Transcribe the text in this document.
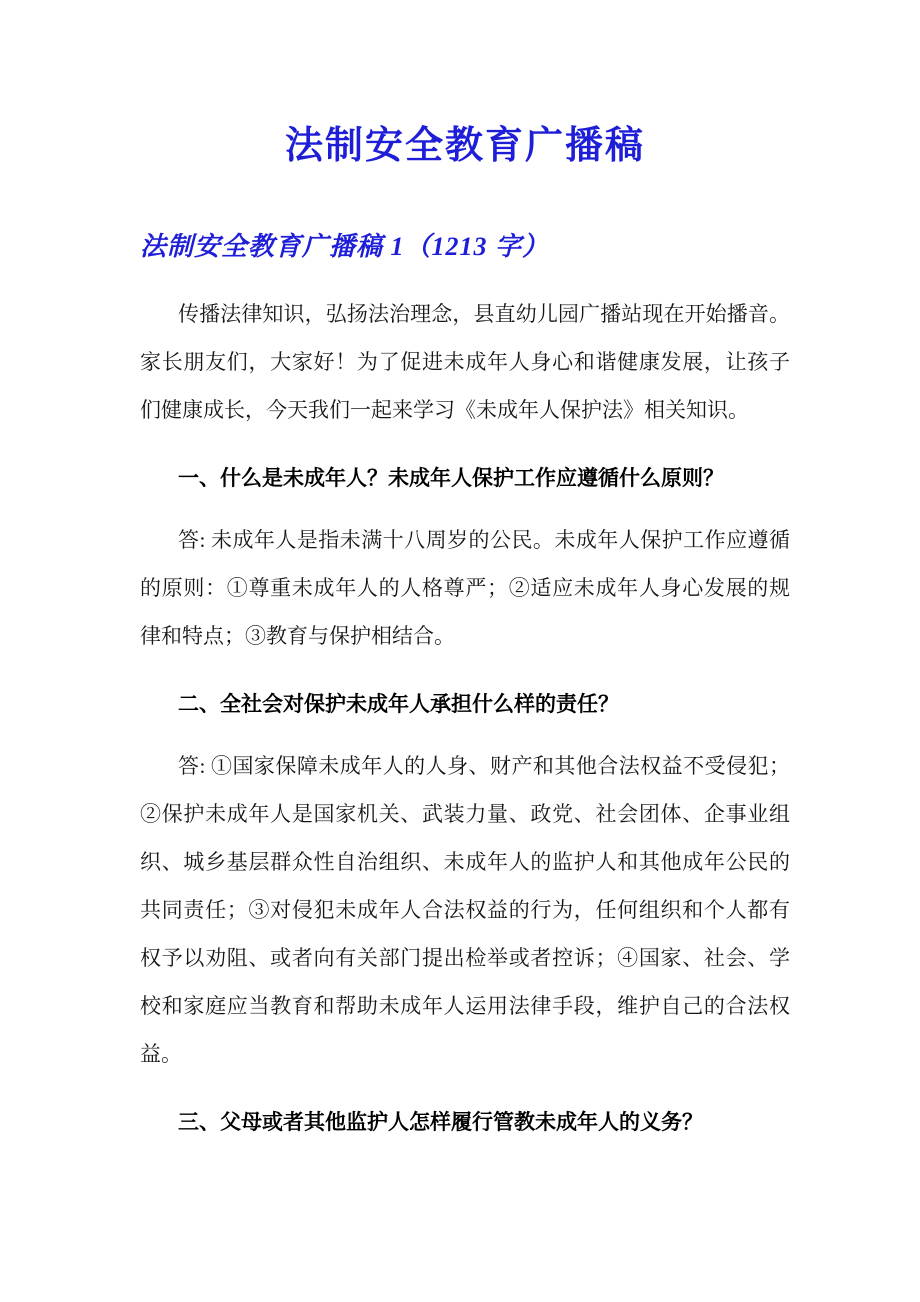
法制安全教育广播稿
法制安全教育广播稿 1（1213 字）

传播法律知识，弘扬法治理念，县直幼儿园广播站现在开始播音。家长朋友们，大家好！为了促进未成年人身心和谐健康发展，让孩子们健康成长，今天我们一起来学习《未成年人保护法》相关知识。

一、什么是未成年人？未成年人保护工作应遵循什么原则？

答: 未成年人是指未满十八周岁的公民。未成年人保护工作应遵循的原则：①尊重未成年人的人格尊严；②适应未成年人身心发展的规律和特点；③教育与保护相结合。

二、全社会对保护未成年人承担什么样的责任？

答: ①国家保障未成年人的人身、财产和其他合法权益不受侵犯；②保护未成年人是国家机关、武装力量、政党、社会团体、企事业组织、城乡基层群众性自治组织、未成年人的监护人和其他成年公民的共同责任；③对侵犯未成年人合法权益的行为，任何组织和个人都有权予以劝阻、或者向有关部门提出检举或者控诉；④国家、社会、学校和家庭应当教育和帮助未成年人运用法律手段，维护自己的合法权益。

三、父母或者其他监护人怎样履行管教未成年人的义务？
